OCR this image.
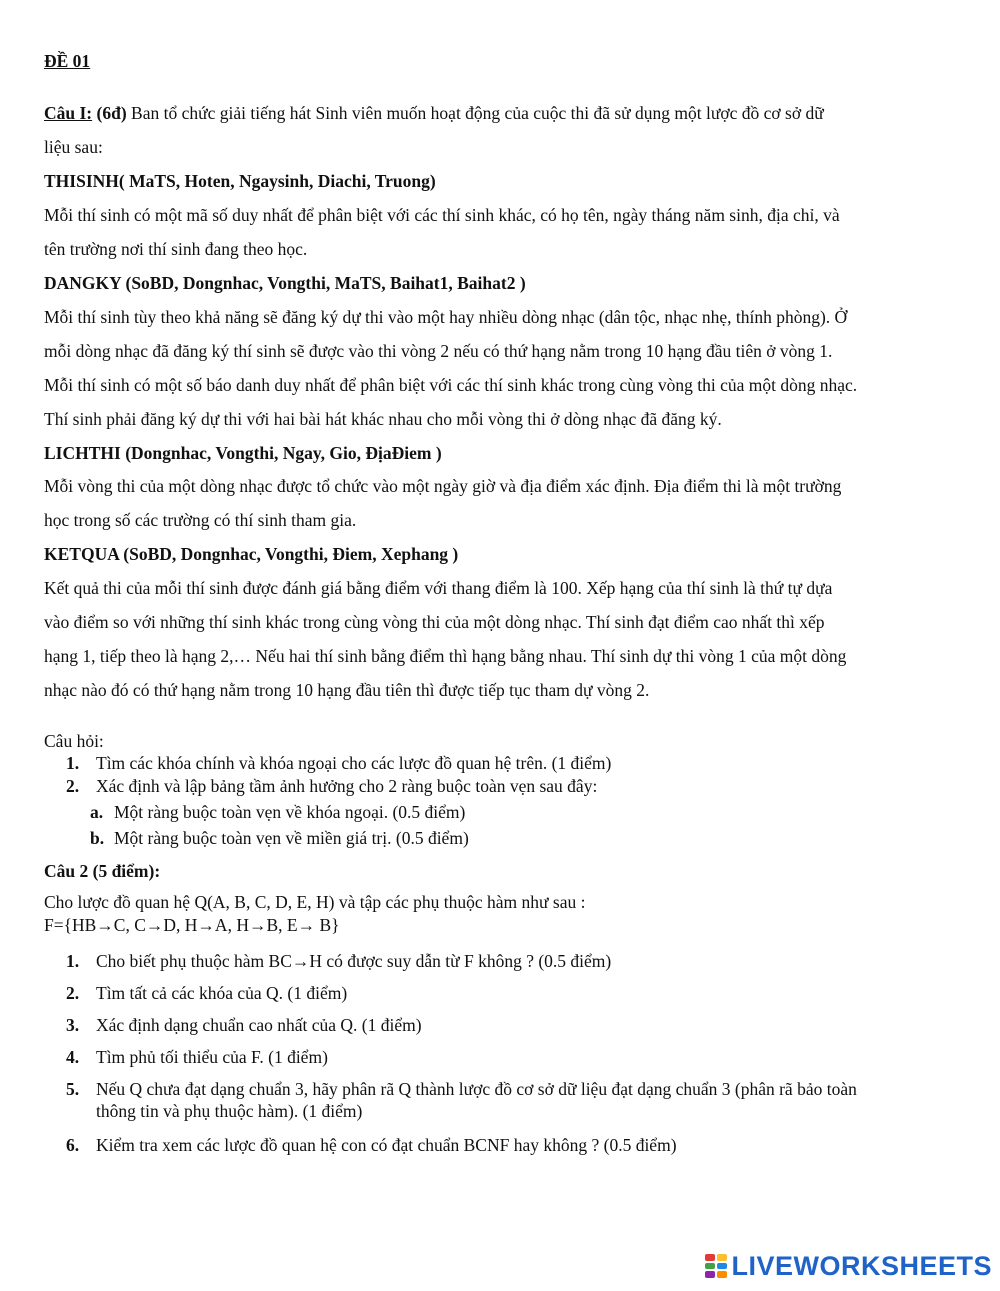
ĐỀ 01
Câu I: (6đ) Ban tổ chức giải tiếng hát Sinh viên muốn hoạt động của cuộc thi đã sử dụng một lược đồ cơ sở dữ
liệu sau:
THISINH( MaTS, Hoten, Ngaysinh, Diachi, Truong)
Mỗi thí sinh có một mã số duy nhất để phân biệt với các thí sinh khác, có họ tên, ngày tháng năm sinh, địa chỉ, và
tên trường nơi thí sinh đang theo học.
DANGKY (SoBD, Dongnhac, Vongthi, MaTS, Baihat1, Baihat2 )
Mỗi thí sinh tùy theo khả năng sẽ đăng ký dự thi vào một hay nhiều dòng nhạc (dân tộc, nhạc nhẹ, thính phòng). Ở
mỗi dòng nhạc đã đăng ký thí sinh sẽ được vào thi vòng 2 nếu có thứ hạng nằm trong 10 hạng đầu tiên ở vòng 1.
Mỗi thí sinh có một số báo danh duy nhất để phân biệt với các thí sinh khác trong cùng vòng thi của một dòng nhạc.
Thí sinh phải đăng ký dự thi với hai bài hát khác nhau cho mỗi vòng thi ở dòng nhạc đã đăng ký.
LICHTHI (Dongnhac, Vongthi, Ngay, Gio, ĐịaĐiem )
Mỗi vòng thi của một dòng nhạc được tổ chức vào một ngày giờ và địa điểm xác định. Địa điểm thi là một trường
học trong số các trường có thí sinh tham gia.
KETQUA (SoBD, Dongnhac, Vongthi, Điem, Xephang )
Kết quả thi của mỗi thí sinh được đánh giá bằng điểm với thang điểm là 100. Xếp hạng của thí sinh là thứ tự dựa
vào điểm so với những thí sinh khác trong cùng vòng thi của một dòng nhạc. Thí sinh đạt điểm cao nhất thì xếp
hạng 1, tiếp theo là hạng 2,… Nếu hai thí sinh bằng điểm thì hạng bằng nhau. Thí sinh dự thi vòng 1 của một dòng
nhạc nào đó có thứ hạng nằm trong 10 hạng đầu tiên thì được tiếp tục tham dự vòng 2.
Câu hỏi:
1. Tìm các khóa chính và khóa ngoại cho các lược đồ quan hệ trên. (1 điểm)
2. Xác định và lập bảng tầm ảnh hưởng cho 2 ràng buộc toàn vẹn sau đây:
a. Một ràng buộc toàn vẹn về khóa ngoại. (0.5 điểm)
b. Một ràng buộc toàn vẹn về miền giá trị. (0.5 điểm)
Câu 2 (5 điểm):
Cho lược đồ quan hệ Q(A, B, C, D, E, H) và tập các phụ thuộc hàm như sau :
F={HB→C, C→D, H→A, H→B, E→ B}
1. Cho biết phụ thuộc hàm BC→H có được suy dẫn từ F không ? (0.5 điểm)
2. Tìm tất cả các khóa của Q. (1 điểm)
3. Xác định dạng chuẩn cao nhất của Q. (1 điểm)
4. Tìm phủ tối thiểu của F. (1 điểm)
5. Nếu Q chưa đạt dạng chuẩn 3, hãy phân rã Q thành lược đồ cơ sở dữ liệu đạt dạng chuẩn 3 (phân rã bảo toàn
thông tin và phụ thuộc hàm). (1 điểm)
6. Kiểm tra xem các lược đồ quan hệ con có đạt chuẩn BCNF hay không ? (0.5 điểm)
LIVEWORKSHEETS
